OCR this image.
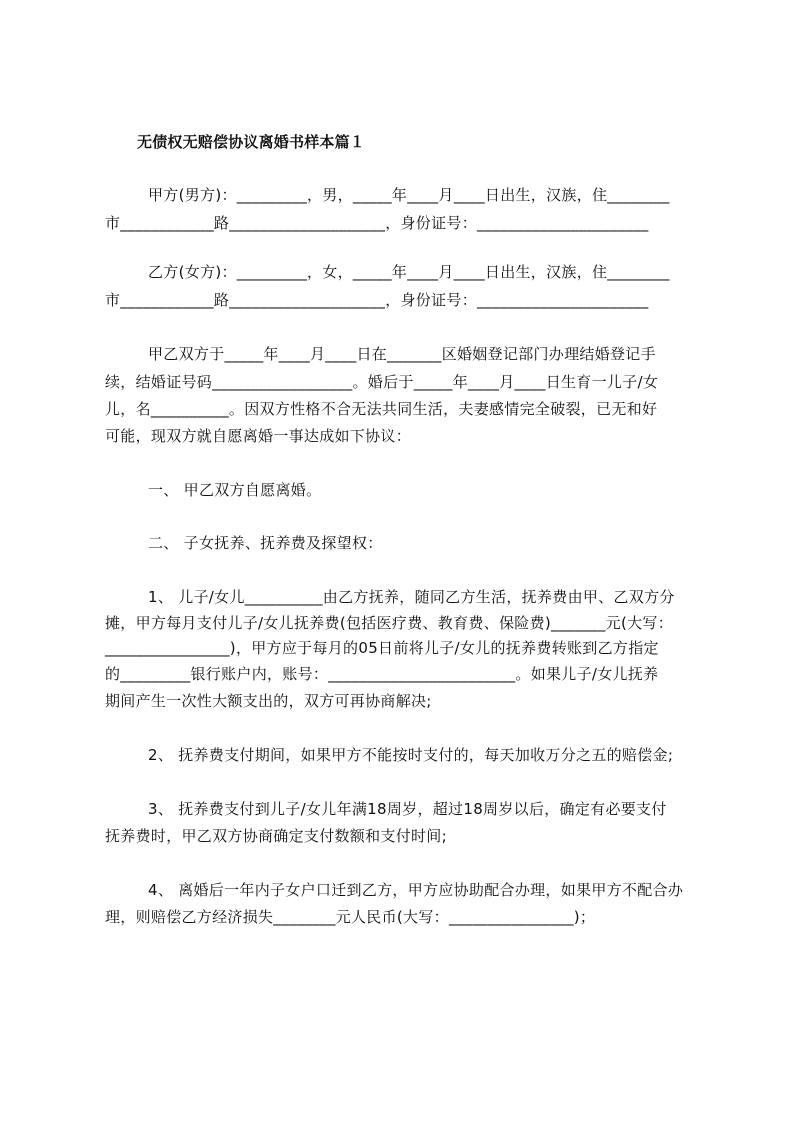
无债权无赔偿协议离婚书样本篇１
甲方(男方)：_________，男，_____年____月____日出生，汉族，住________
市____________路____________________，身份证号：______________________
乙方(女方)：_________，女，_____年____月____日出生，汉族，住________
市____________路____________________，身份证号：______________________
甲乙双方于_____年____月____日在_______区婚姻登记部门办理结婚登记手
续，结婚证号码__________________。婚后于_____年____月____日生育一儿子/女
儿，名__________。因双方性格不合无法共同生活，夫妻感情完全破裂，已无和好
可能，现双方就自愿离婚一事达成如下协议：
一、 甲乙双方自愿离婚。
二、 子女抚养、抚养费及探望权：
1、 儿子/女儿__________由乙方抚养，随同乙方生活，抚养费由甲、乙双方分
摊，甲方每月支付儿子/女儿抚养费(包括医疗费、教育费、保险费)_______元(大写：
________________)，甲方应于每月的05日前将儿子/女儿的抚养费转账到乙方指定
的_________银行账户内，账号：________________________。如果儿子/女儿抚养
期间产生一次性大额支出的，双方可再协商解决;
2、 抚养费支付期间，如果甲方不能按时支付的，每天加收万分之五的赔偿金;
3、 抚养费支付到儿子/女儿年满18周岁，超过18周岁以后，确定有必要支付
抚养费时，甲乙双方协商确定支付数额和支付时间;
4、 离婚后一年内子女户口迁到乙方，甲方应协助配合办理，如果甲方不配合办
理，则赔偿乙方经济损失________元人民币(大写：________________)；
